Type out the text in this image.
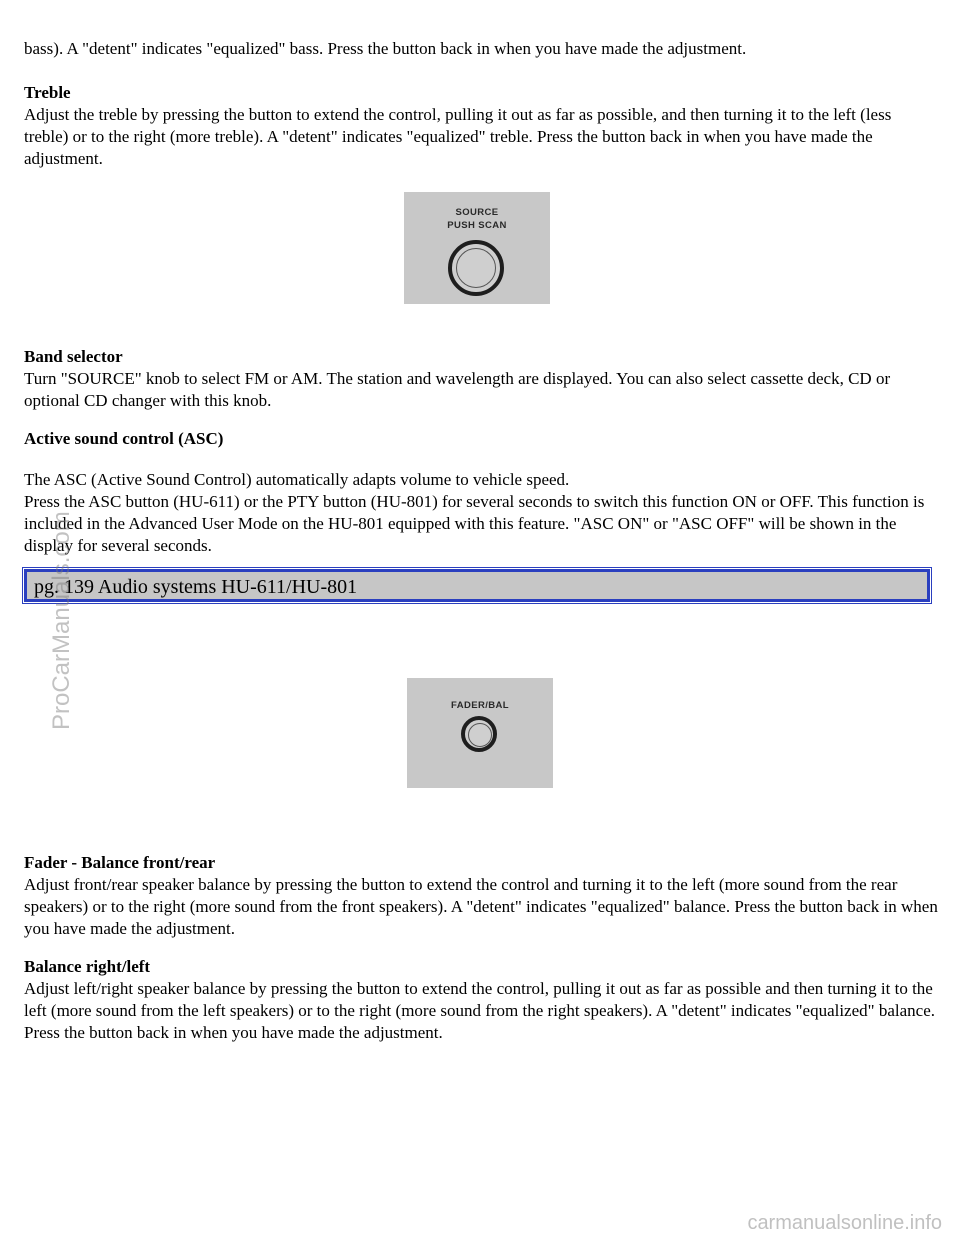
bass). A "detent" indicates "equalized" bass. Press the button back in when you have made the adjustment.

Treble

Adjust the treble by pressing the button to extend the control, pulling it out as far as possible, and then turning it to the left (less treble) or to the right (more treble). A "detent" indicates "equalized" treble. Press the button back in when you have made the adjustment.

SOURCE
PUSH SCAN
Band selector

Turn "SOURCE" knob to select FM or AM. The station and wavelength are displayed. You can also select cassette deck, CD or optional CD changer with this knob.

Active sound control (ASC)

The ASC (Active Sound Control) automatically adapts volume to vehicle speed.

Press the ASC button (HU-611) or the PTY button (HU-801) for several seconds to switch this function ON or OFF. This function is included in the Advanced User Mode on the HU-801 equipped with this feature. "ASC ON" or "ASC OFF" will be shown in the display for several seconds.

pg. 139 Audio systems HU-611/HU-801
FADER/BAL
Fader - Balance front/rear

Adjust front/rear speaker balance by pressing the button to extend the control and turning it to the left (more sound from the rear speakers) or to the right (more sound from the front speakers). A "detent" indicates "equalized" balance. Press the button back in when you have made the adjustment.

Balance right/left

Adjust left/right speaker balance by pressing the button to extend the control, pulling it out as far as possible and then turning it to the left (more sound from the left speakers) or to the right (more sound from the right speakers). A "detent" indicates "equalized" balance. Press the button back in when you have made the adjustment.

ProCarManuals.com
carmanualsonline.info
